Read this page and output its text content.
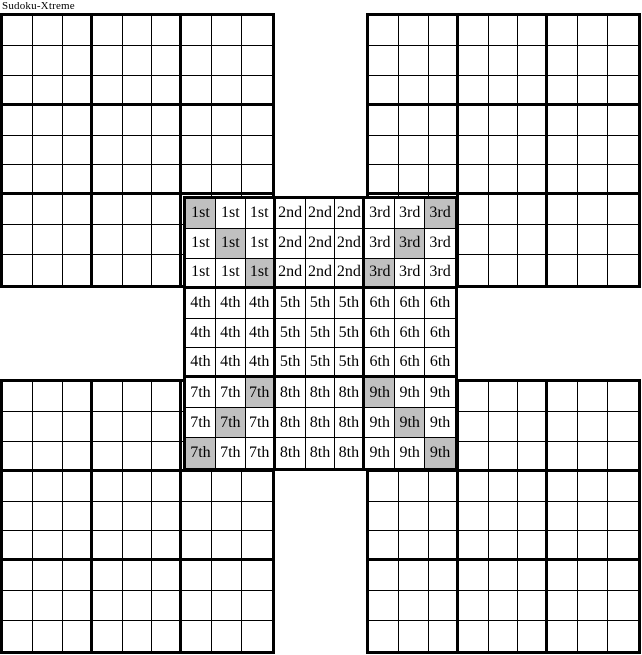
Sudoku-Xtreme
1st 1st 1st 2nd 2nd 2nd 3rd 3rd 3rd
1st 1st 1st 2nd 2nd 2nd 3rd 3rd 3rd
1st 1st 1st 2nd 2nd 2nd 3rd 3rd 3rd
4th 4th 4th 5th 5th 5th 6th 6th 6th
4th 4th 4th 5th 5th 5th 6th 6th 6th
4th 4th 4th 5th 5th 5th 6th 6th 6th
7th 7th 7th 8th 8th 8th 9th 9th 9th
7th 7th 7th 8th 8th 8th 9th 9th 9th
7th 7th 7th 8th 8th 8th 9th 9th 9th
